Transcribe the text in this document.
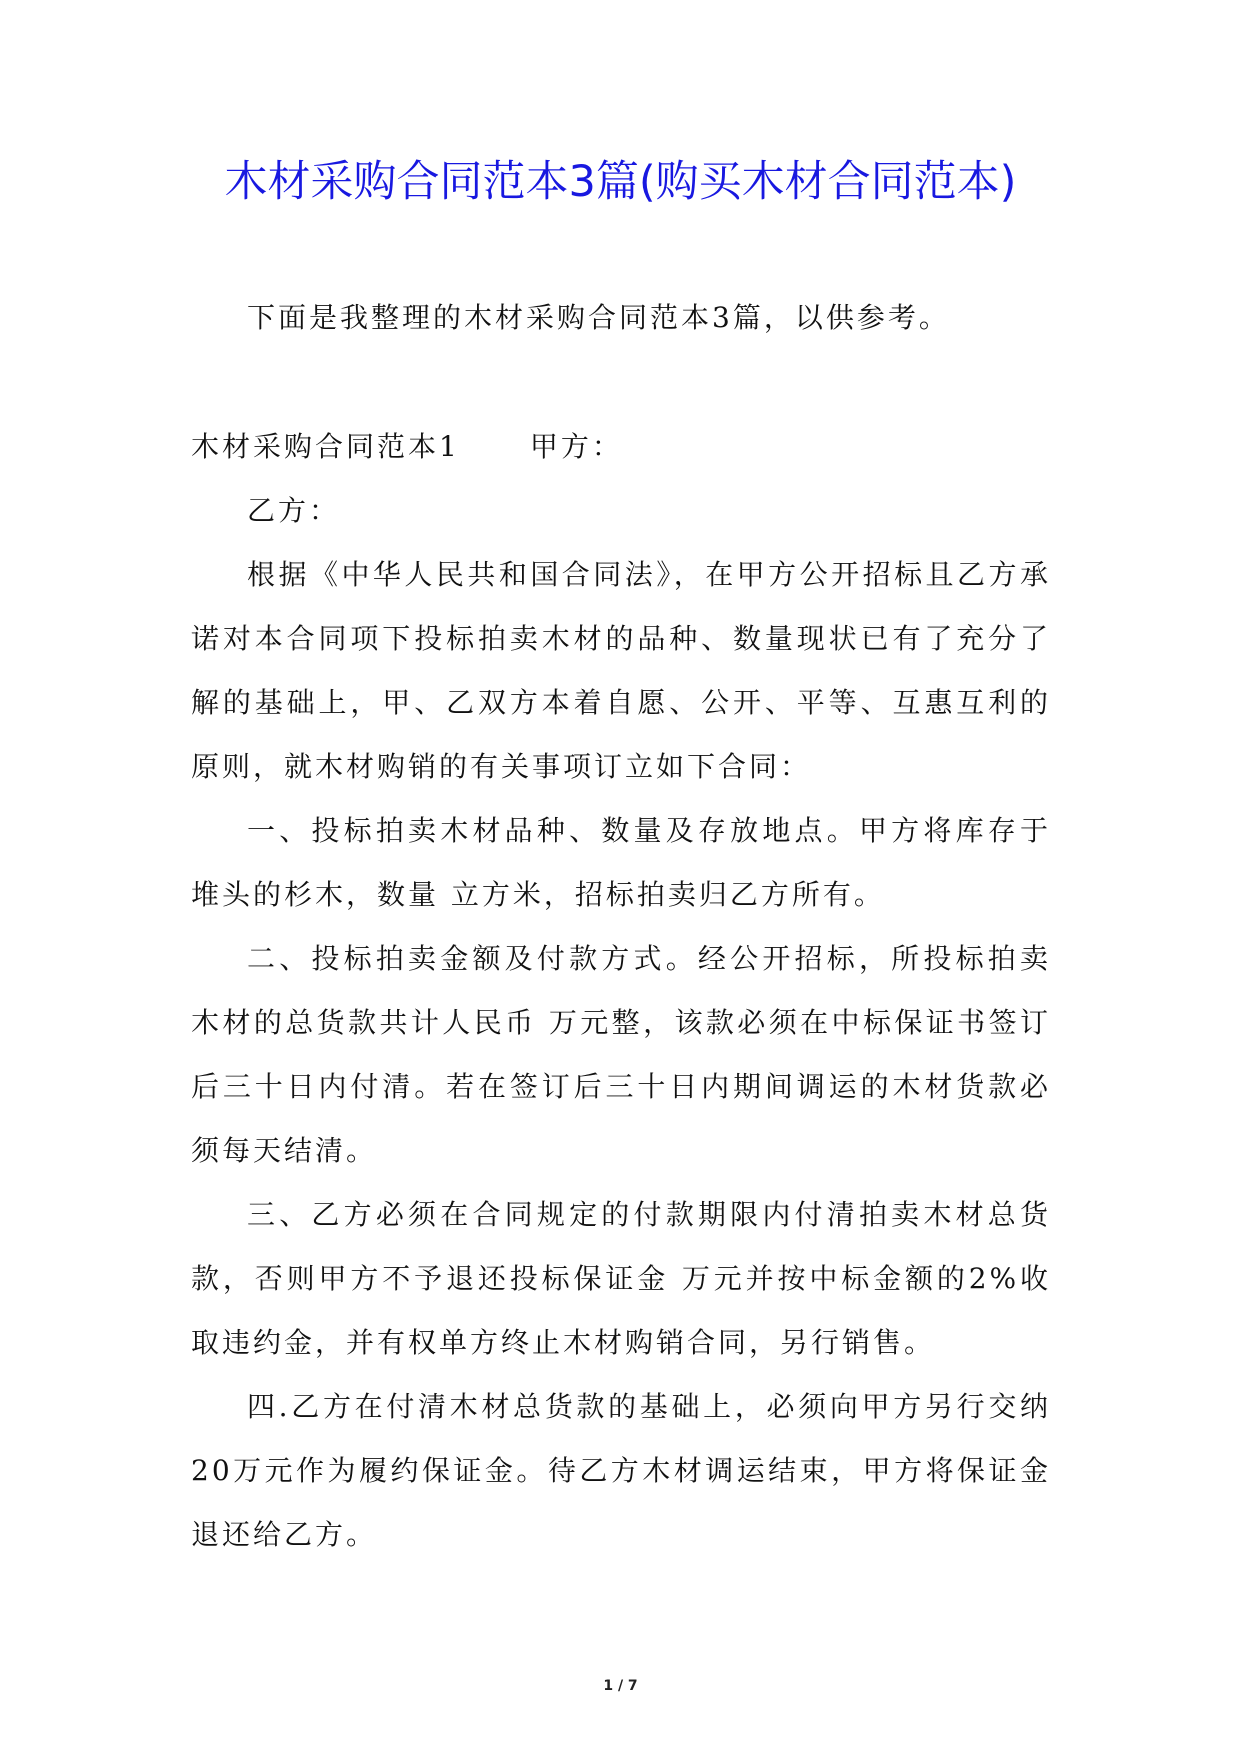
木材采购合同范本3篇(购买木材合同范本)

下面是我整理的木材采购合同范本3篇，以供参考。

木材采购合同范本1	甲方：

乙方：

根据《中华人民共和国合同法》，在甲方公开招标且乙方承诺对本合同项下投标拍卖木材的品种、数量现状已有了充分了解的基础上，甲、乙双方本着自愿、公开、平等、互惠互利的原则，就木材购销的有关事项订立如下合同：

一、投标拍卖木材品种、数量及存放地点。甲方将库存于堆头的杉木，数量 立方米，招标拍卖归乙方所有。

二、投标拍卖金额及付款方式。经公开招标，所投标拍卖木材的总货款共计人民币 万元整，该款必须在中标保证书签订后三十日内付清。若在签订后三十日内期间调运的木材货款必须每天结清。

三、乙方必须在合同规定的付款期限内付清拍卖木材总货款，否则甲方不予退还投标保证金 万元并按中标金额的2%收取违约金，并有权单方终止木材购销合同，另行销售。

四.乙方在付清木材总货款的基础上，必须向甲方另行交纳20万元作为履约保证金。待乙方木材调运结束，甲方将保证金退还给乙方。

1 / 7
